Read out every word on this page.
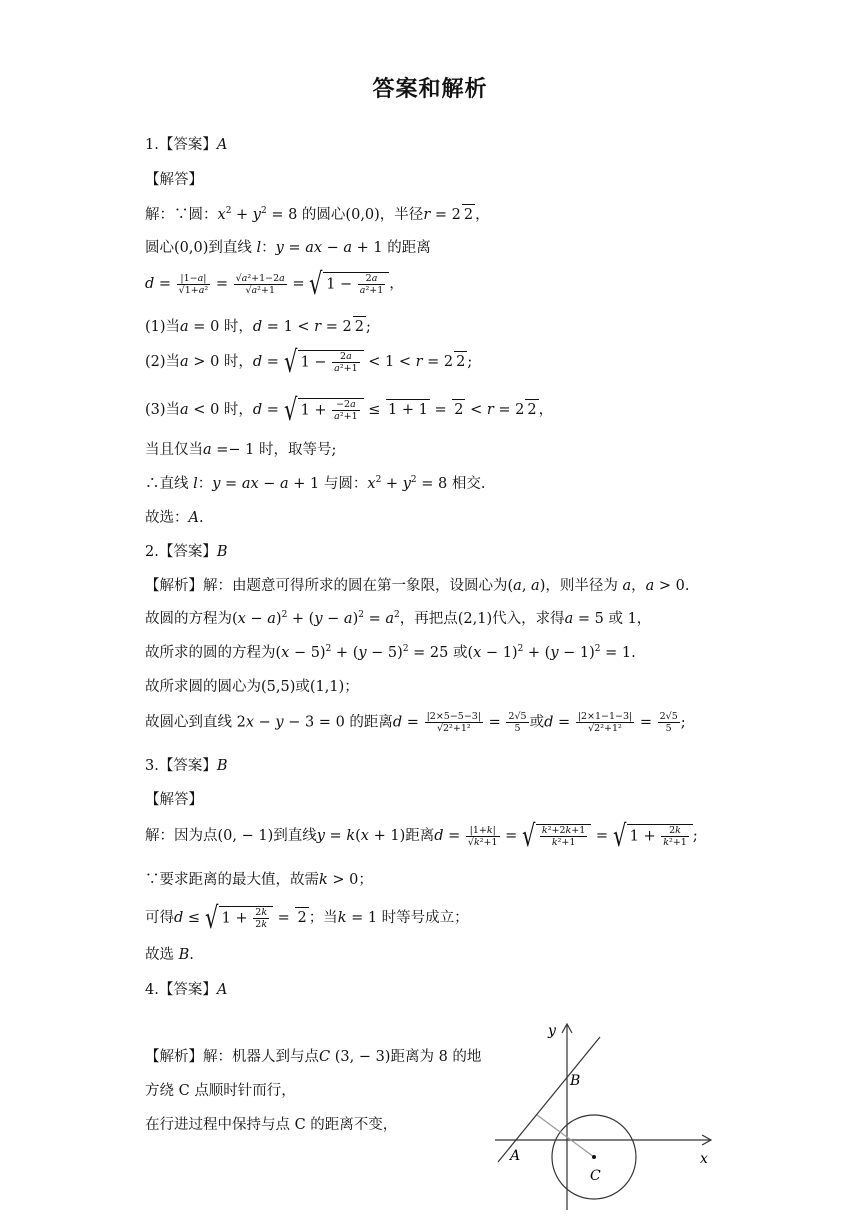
答案和解析
1.【答案】A
【解答】
解：∵圆：$x^2 + y^2 = 8$ 的圆心(0,0)，半径r = 2 2 ，
圆心(0,0)到直线 l：y = ax − a + 1 的距离
$d = \frac{|1-a|}{\text{√1+a²}} = \frac{\text{√a²+1−2a}}{\text{√a²+1}}$ = √ $1 - \frac{2a}{\text{a²+1}}$ ，
(1)当a = 0 时，d = 1 < r = 2 2 ;
(2)当a > 0 时，d = √ $1 - \frac{2a}{\text{a²+1}} < 1 < r = 2$ 2 ;
(3)当a < 0 时，d = √ $1 + \frac{-2a}{\text{a²+1}} \le 1 + 1 = 2 < r = 2$ 2 ，
当且仅当a =− 1 时，取等号;
∴直线 l：y = ax − a + 1 与圆：$x^2 + y^2 = 8$ 相交.
故选：A.
2.【答案】B
【解析】解：由题意可得所求的圆在第一象限，设圆心为(a, a)，则半径为 a，a > 0.
故圆的方程为$(x - a)^2 + (y - a)^2 = a^2$，再把点(2,1)代入，求得a = 5 或 1，
故所求的圆的方程为$(x - 5)^2 + (y - 5)^2 = 25$ 或$(x - 1)^2 + (y - 1)^2 = 1$.
故所求圆的圆心为(5,5)或(1,1)；
故圆心到直线 2x − y − 3 = 0 的距离$d = \frac{|2\times 5-5-3|}{\text{√2²+1²}} = \frac{2√5}{5}$ 或$d = \frac{|2\times 1-1-3|}{\text{√2²+1²}} = \frac{2√5}{5}$ ;
3.【答案】B
【解答】
解：因为点(0, − 1)到直线y = k(x + 1)距离$d = \frac{|1+k|}{\text{√k²+1}}$ = √ $\frac{\text{k²+2k+1}}{\text{k²+1}}$ = √ $1 + \frac{2k}{\text{k²+1}}$ ;
∵要求距离的最大值，故需k > 0；
可得d ≤ √ $1 + \frac{2k}{2k} = 2$ ；当k = 1 时等号成立；
故选 B.
4.【答案】A
【解析】解：机器人到与点C (3, − 3)距离为 8 的地
方绕 C 点顺时针而行，
在行进过程中保持与点 C 的距离不变，
y
x
B
A
C
